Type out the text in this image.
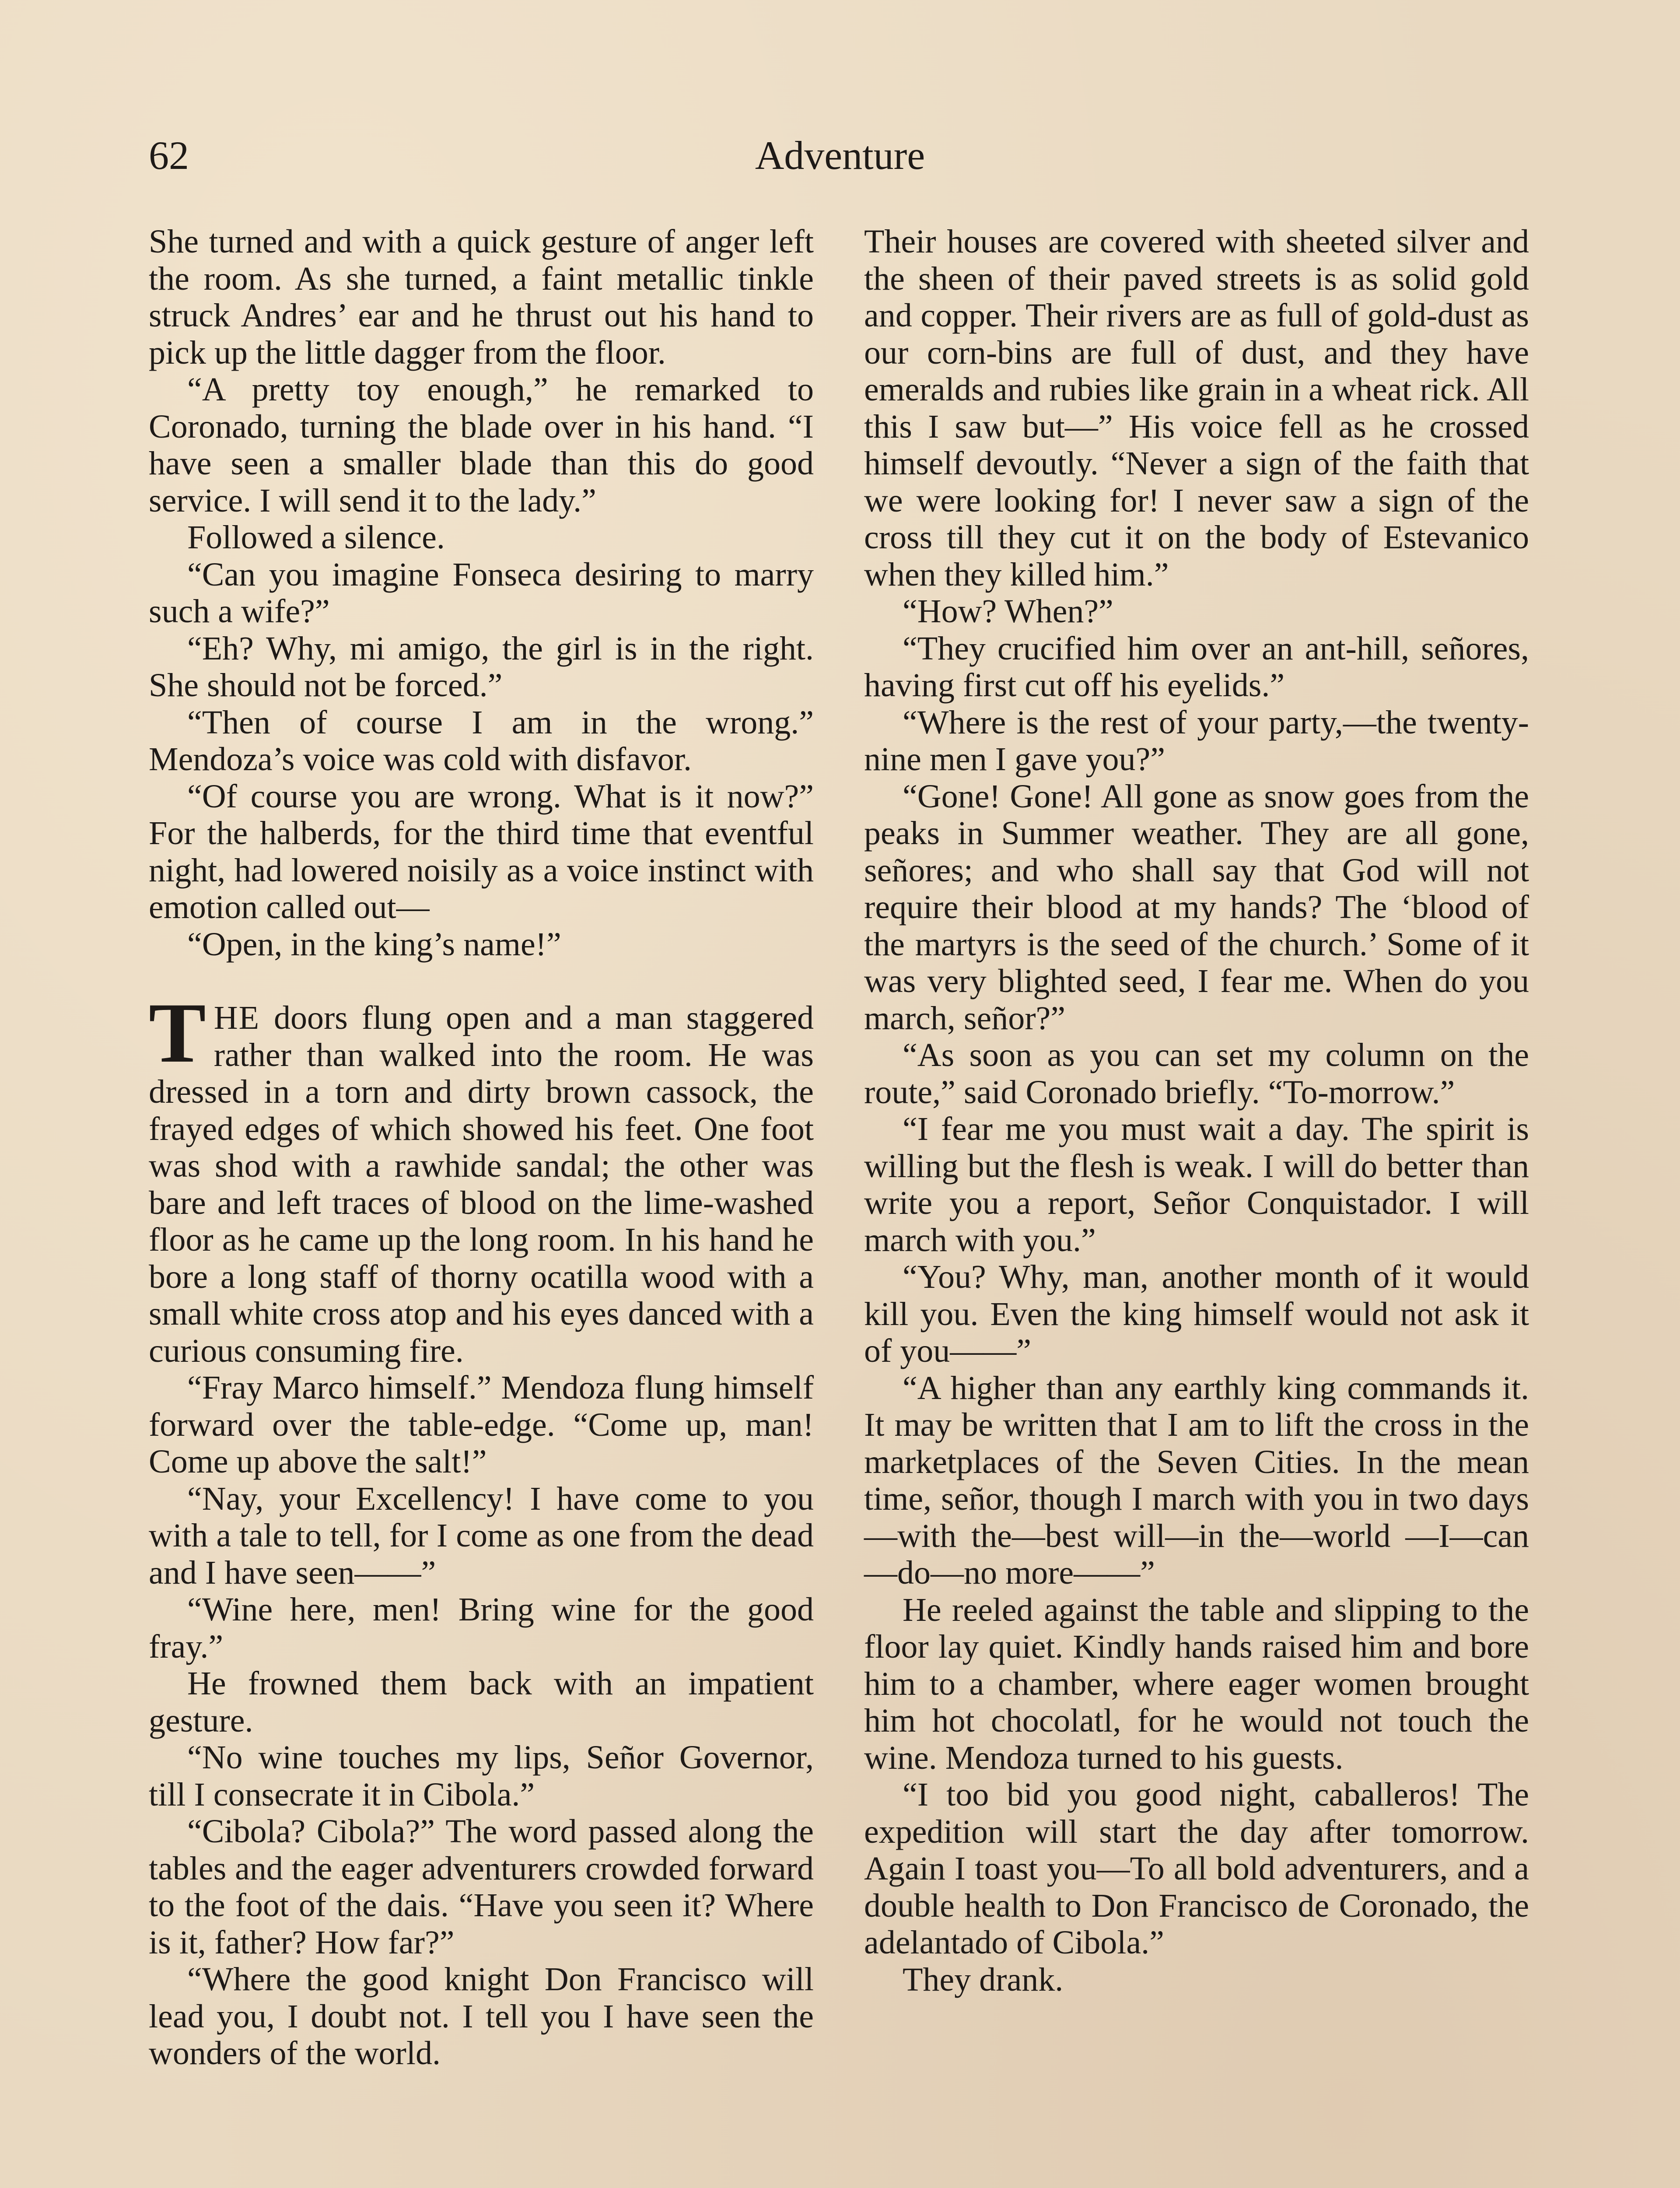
62	Adventure

She turned and with a quick gesture of anger left the room. As she turned, a faint metallic tinkle struck Andres’ ear and he thrust out his hand to pick up the little dagger from the floor.

“A pretty toy enough,” he remarked to Coronado, turning the blade over in his hand. “I have seen a smaller blade than this do good service. I will send it to the lady.”

Followed a silence.

“Can you imagine Fonseca desiring to marry such a wife?”

“Eh? Why, mi amigo, the girl is in the right. She should not be forced.”

“Then of course I am in the wrong.” Mendoza’s voice was cold with disfavor.

“Of course you are wrong. What is it now?” For the halberds, for the third time that eventful night, had lowered noisily as a voice instinct with emotion called out—

“Open, in the king’s name!”

THE doors flung open and a man staggered rather than walked into the room. He was dressed in a torn and dirty brown cassock, the frayed edges of which showed his feet. One foot was shod with a rawhide sandal; the other was bare and left traces of blood on the lime-washed floor as he came up the long room. In his hand he bore a long staff of thorny ocatilla wood with a small white cross atop and his eyes danced with a curious consuming fire.

“Fray Marco himself.” Mendoza flung himself forward over the table-edge. “Come up, man! Come up above the salt!”

“Nay, your Excellency! I have come to you with a tale to tell, for I come as one from the dead and I have seen——”

“Wine here, men! Bring wine for the good fray.”

He frowned them back with an impatient gesture.

“No wine touches my lips, Señor Governor, till I consecrate it in Cibola.”

“Cibola? Cibola?” The word passed along the tables and the eager adventurers crowded forward to the foot of the dais. “Have you seen it? Where is it, father? How far?”

“Where the good knight Don Francisco will lead you, I doubt not. I tell you I have seen the wonders of the world.

Their houses are covered with sheeted silver and the sheen of their paved streets is as solid gold and copper. Their rivers are as full of gold-dust as our corn-bins are full of dust, and they have emeralds and rubies like grain in a wheat rick. All this I saw but—” His voice fell as he crossed himself devoutly. “Never a sign of the faith that we were looking for! I never saw a sign of the cross till they cut it on the body of Estevanico when they killed him.”

“How? When?”

“They crucified him over an ant-hill, señores, having first cut off his eyelids.”

“Where is the rest of your party,—the twenty-nine men I gave you?”

“Gone! Gone! All gone as snow goes from the peaks in Summer weather. They are all gone, señores; and who shall say that God will not require their blood at my hands? The ‘blood of the martyrs is the seed of the church.’ Some of it was very blighted seed, I fear me. When do you march, señor?”

“As soon as you can set my column on the route,” said Coronado briefly. “To-morrow.”

“I fear me you must wait a day. The spirit is willing but the flesh is weak. I will do better than write you a report, Señor Conquistador. I will march with you.”

“You? Why, man, another month of it would kill you. Even the king himself would not ask it of you——”

“A higher than any earthly king commands it. It may be written that I am to lift the cross in the marketplaces of the Seven Cities. In the mean time, señor, though I march with you in two days—with the—best will—in the—world —I—can—do—no more——”

He reeled against the table and slipping to the floor lay quiet. Kindly hands raised him and bore him to a chamber, where eager women brought him hot chocolatl, for he would not touch the wine. Mendoza turned to his guests.

“I too bid you good night, caballeros! The expedition will start the day after tomorrow. Again I toast you—To all bold adventurers, and a double health to Don Francisco de Coronado, the adelantado of Cibola.”

They drank.
